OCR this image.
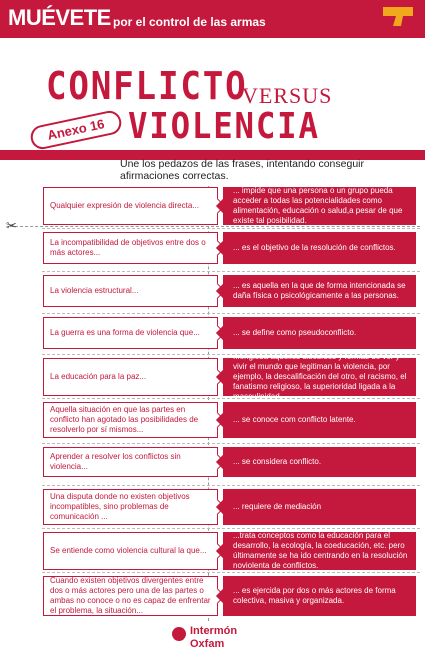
MUÉVETE por el control de las armas
CONFLICTO
VERSUS
VIOLENCIA
Anexo 16
Une los pedazos de las frases, intentando conseguir afirmaciones correctas.
✂
Qualquier expresión de violencia directa...
... impide que una persona o un grupo pueda acceder a todas las potencialidades como alimentación, educación o salud,a pesar de que existe tal posibilidad.
La incompatibilidad de objetivos entre dos o más actores...
... es el objetivo de la resolución de conflictos.
La violencia estructural...
... es aquella en la que de forma intencionada se daña física o psicológicamente a las personas.
La guerra es una forma de violencia que...	... se define como pseudoconflicto.
La educación para la paz...
...engloba aquellos discursos y formas de ver y vivir el mundo que legitiman la violencia, por ejemplo, la descalificación del otro, el racismo, el fanatismo religioso, la superioridad ligada a la masculinidad
Aquella situación en que las partes en conflicto han agotado las posibilidades de resolverlo por sí mismos...
... se conoce com conflicto latente.
Aprender a resolver los conflictos sin violencia...
... se considera conflicto.
Una disputa donde no existen objetivos incompatibles, sino problemas de comunicación ...
... requiere de mediación
Se entiende como violencia cultural la que...
...trata conceptos como la educación para el desarrollo, la ecología, la coeducación, etc. pero últimamente se ha ido centrando en la resolución noviolenta de conflictos.
Cuando existen objetivos divergentes entre dos o más actores pero una de las partes o ambas no conoce o no es capaz de enfrentar el problema, la situación...
... es ejercida por dos o más actores de forma colectiva, masiva y organizada.
Intermón
Oxfam
